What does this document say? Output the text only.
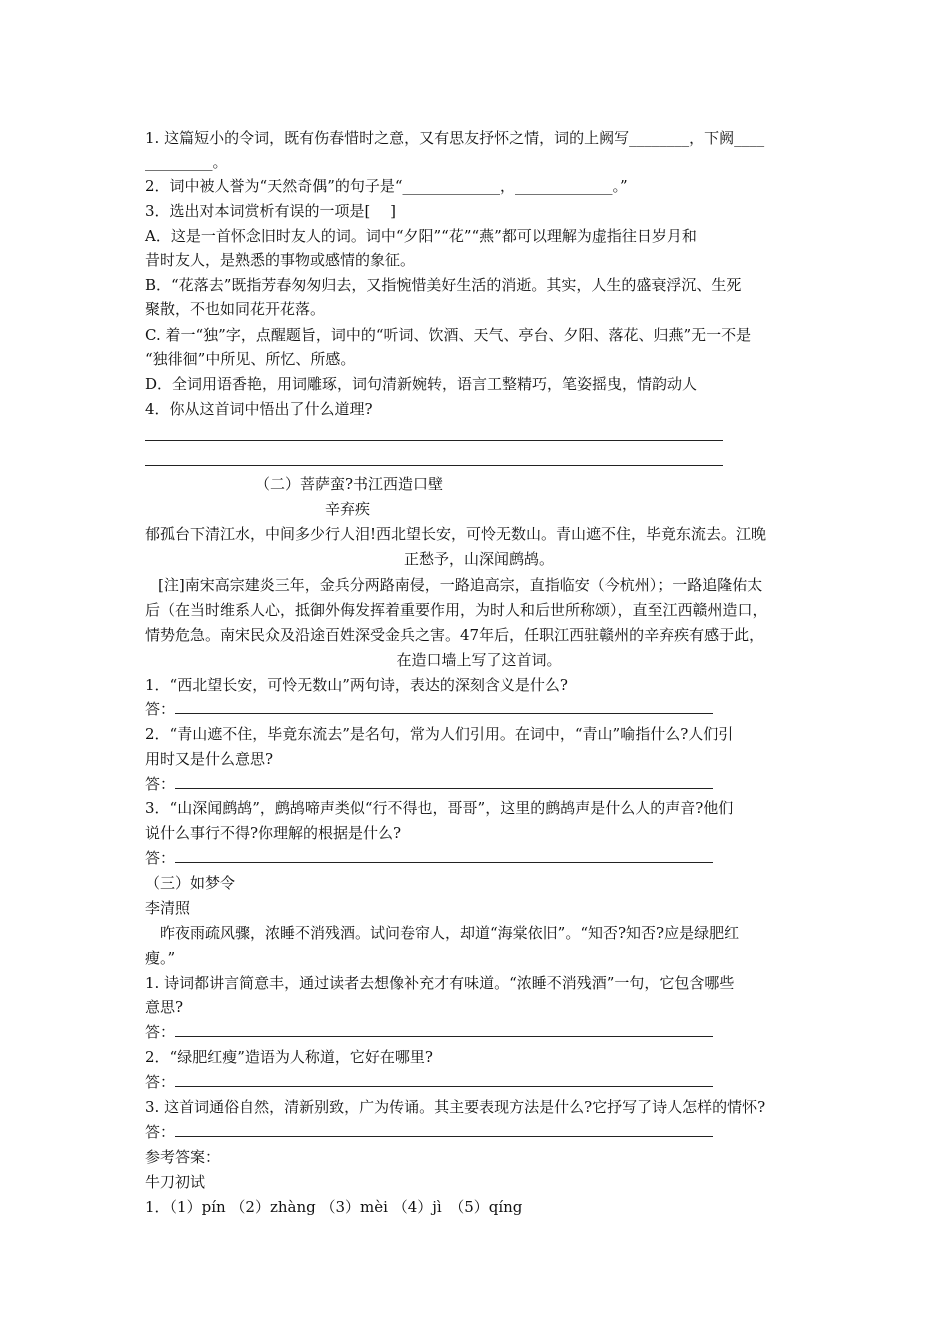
1. 这篇短小的令词，既有伤春惜时之意，又有思友抒怀之情，词的上阙写________，下阙____

_________。

2．词中被人誉为“天然奇偶”的句子是“_____________，_____________。”

3．选出对本词赏析有误的一项是[　 ]

A．这是一首怀念旧时友人的词。词中“夕阳”“花”“燕”都可以理解为虚指往日岁月和

昔时友人，是熟悉的事物或感情的象征。

B．“花落去”既指芳春匆匆归去，又指惋惜美好生活的消逝。其实，人生的盛衰浮沉、生死

聚散，不也如同花开花落。

C. 着一“独”字，点醒题旨，词中的“听词、饮酒、天气、亭台、夕阳、落花、归燕”无一不是

“独徘徊”中所见、所忆、所感。

D．全词用语香艳，用词雕琢，词句清新婉转，语言工整精巧，笔姿摇曳，情韵动人

4．你从这首词中悟出了什么道理?

（二）菩萨蛮?书江西造口壁

辛弃疾

郁孤台下清江水，中间多少行人泪!西北望长安，可怜无数山。青山遮不住，毕竟东流去。江晚

正愁予，山深闻鹧鸪。

[注]南宋高宗建炎三年，金兵分两路南侵，一路追高宗，直指临安（今杭州）；一路追隆佑太

后（在当时维系人心，抵御外侮发挥着重要作用，为时人和后世所称颂），直至江西赣州造口，

情势危急。南宋民众及沿途百姓深受金兵之害。47年后，任职江西驻赣州的辛弃疾有感于此，

在造口墙上写了这首词。

1．“西北望长安，可怜无数山”两句诗，表达的深刻含义是什么?

答：

2．“青山遮不住，毕竟东流去”是名句，常为人们引用。在词中，“青山”喻指什么?人们引

用时又是什么意思?

答：

3．“山深闻鹧鸪”，鹧鸪啼声类似“行不得也，哥哥”，这里的鹧鸪声是什么人的声音?他们

说什么事行不得?你理解的根据是什么?

答：

（三）如梦令

李清照

昨夜雨疏风骤，浓睡不消残酒。试问卷帘人，却道“海棠依旧”。“知否?知否?应是绿肥红

瘦。”

1. 诗词都讲言简意丰，通过读者去想像补充才有味道。“浓睡不消残酒”一句，它包含哪些

意思?

答：

2．“绿肥红瘦”造语为人称道，它好在哪里?

答：

3. 这首词通俗自然，清新别致，广为传诵。其主要表现方法是什么?它抒写了诗人怎样的情怀?

答：

参考答案：

牛刀初试

1．（1）pín （2）zhàng （3）mèi （4）jì　（5）qíng
